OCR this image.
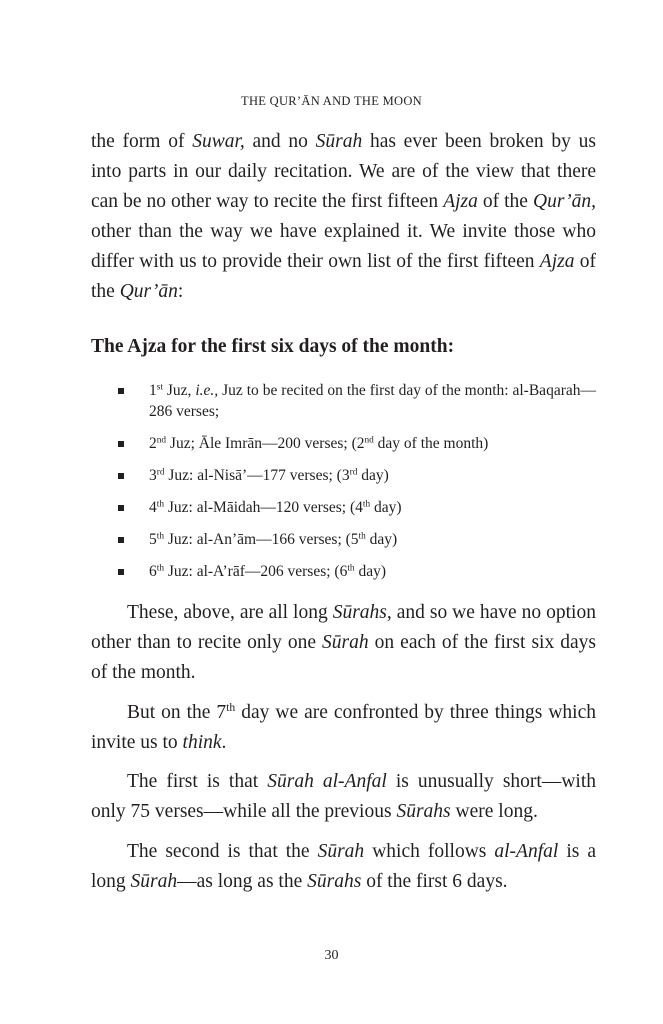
THE QUR’ĀN AND THE MOON

the form of Suwar, and no Sūrah has ever been broken by us into parts in our daily recitation. We are of the view that there can be no other way to recite the first fifteen Ajza of the Qur’ān, other than the way we have explained it. We invite those who differ with us to provide their own list of the first fifteen Ajza of the Qur’ān:

The Ajza for the first six days of the month:

1st Juz, i.e., Juz to be recited on the first day of the month: al-Baqarah—286 verses;
2nd Juz; Āle Imrān—200 verses; (2nd day of the month)
3rd Juz: al-Nisā’—177 verses; (3rd day)
4th Juz: al-Māidah—120 verses; (4th day)
5th Juz: al-An’ām—166 verses; (5th day)
6th Juz: al-A’rāf—206 verses; (6th day)

These, above, are all long Sūrahs, and so we have no option other than to recite only one Sūrah on each of the first six days of the month.

But on the 7th day we are confronted by three things which invite us to think.

The first is that Sūrah al-Anfal is unusually short—with only 75 verses—while all the previous Sūrahs were long.

The second is that the Sūrah which follows al-Anfal is a long Sūrah—as long as the Sūrahs of the first 6 days.

30
